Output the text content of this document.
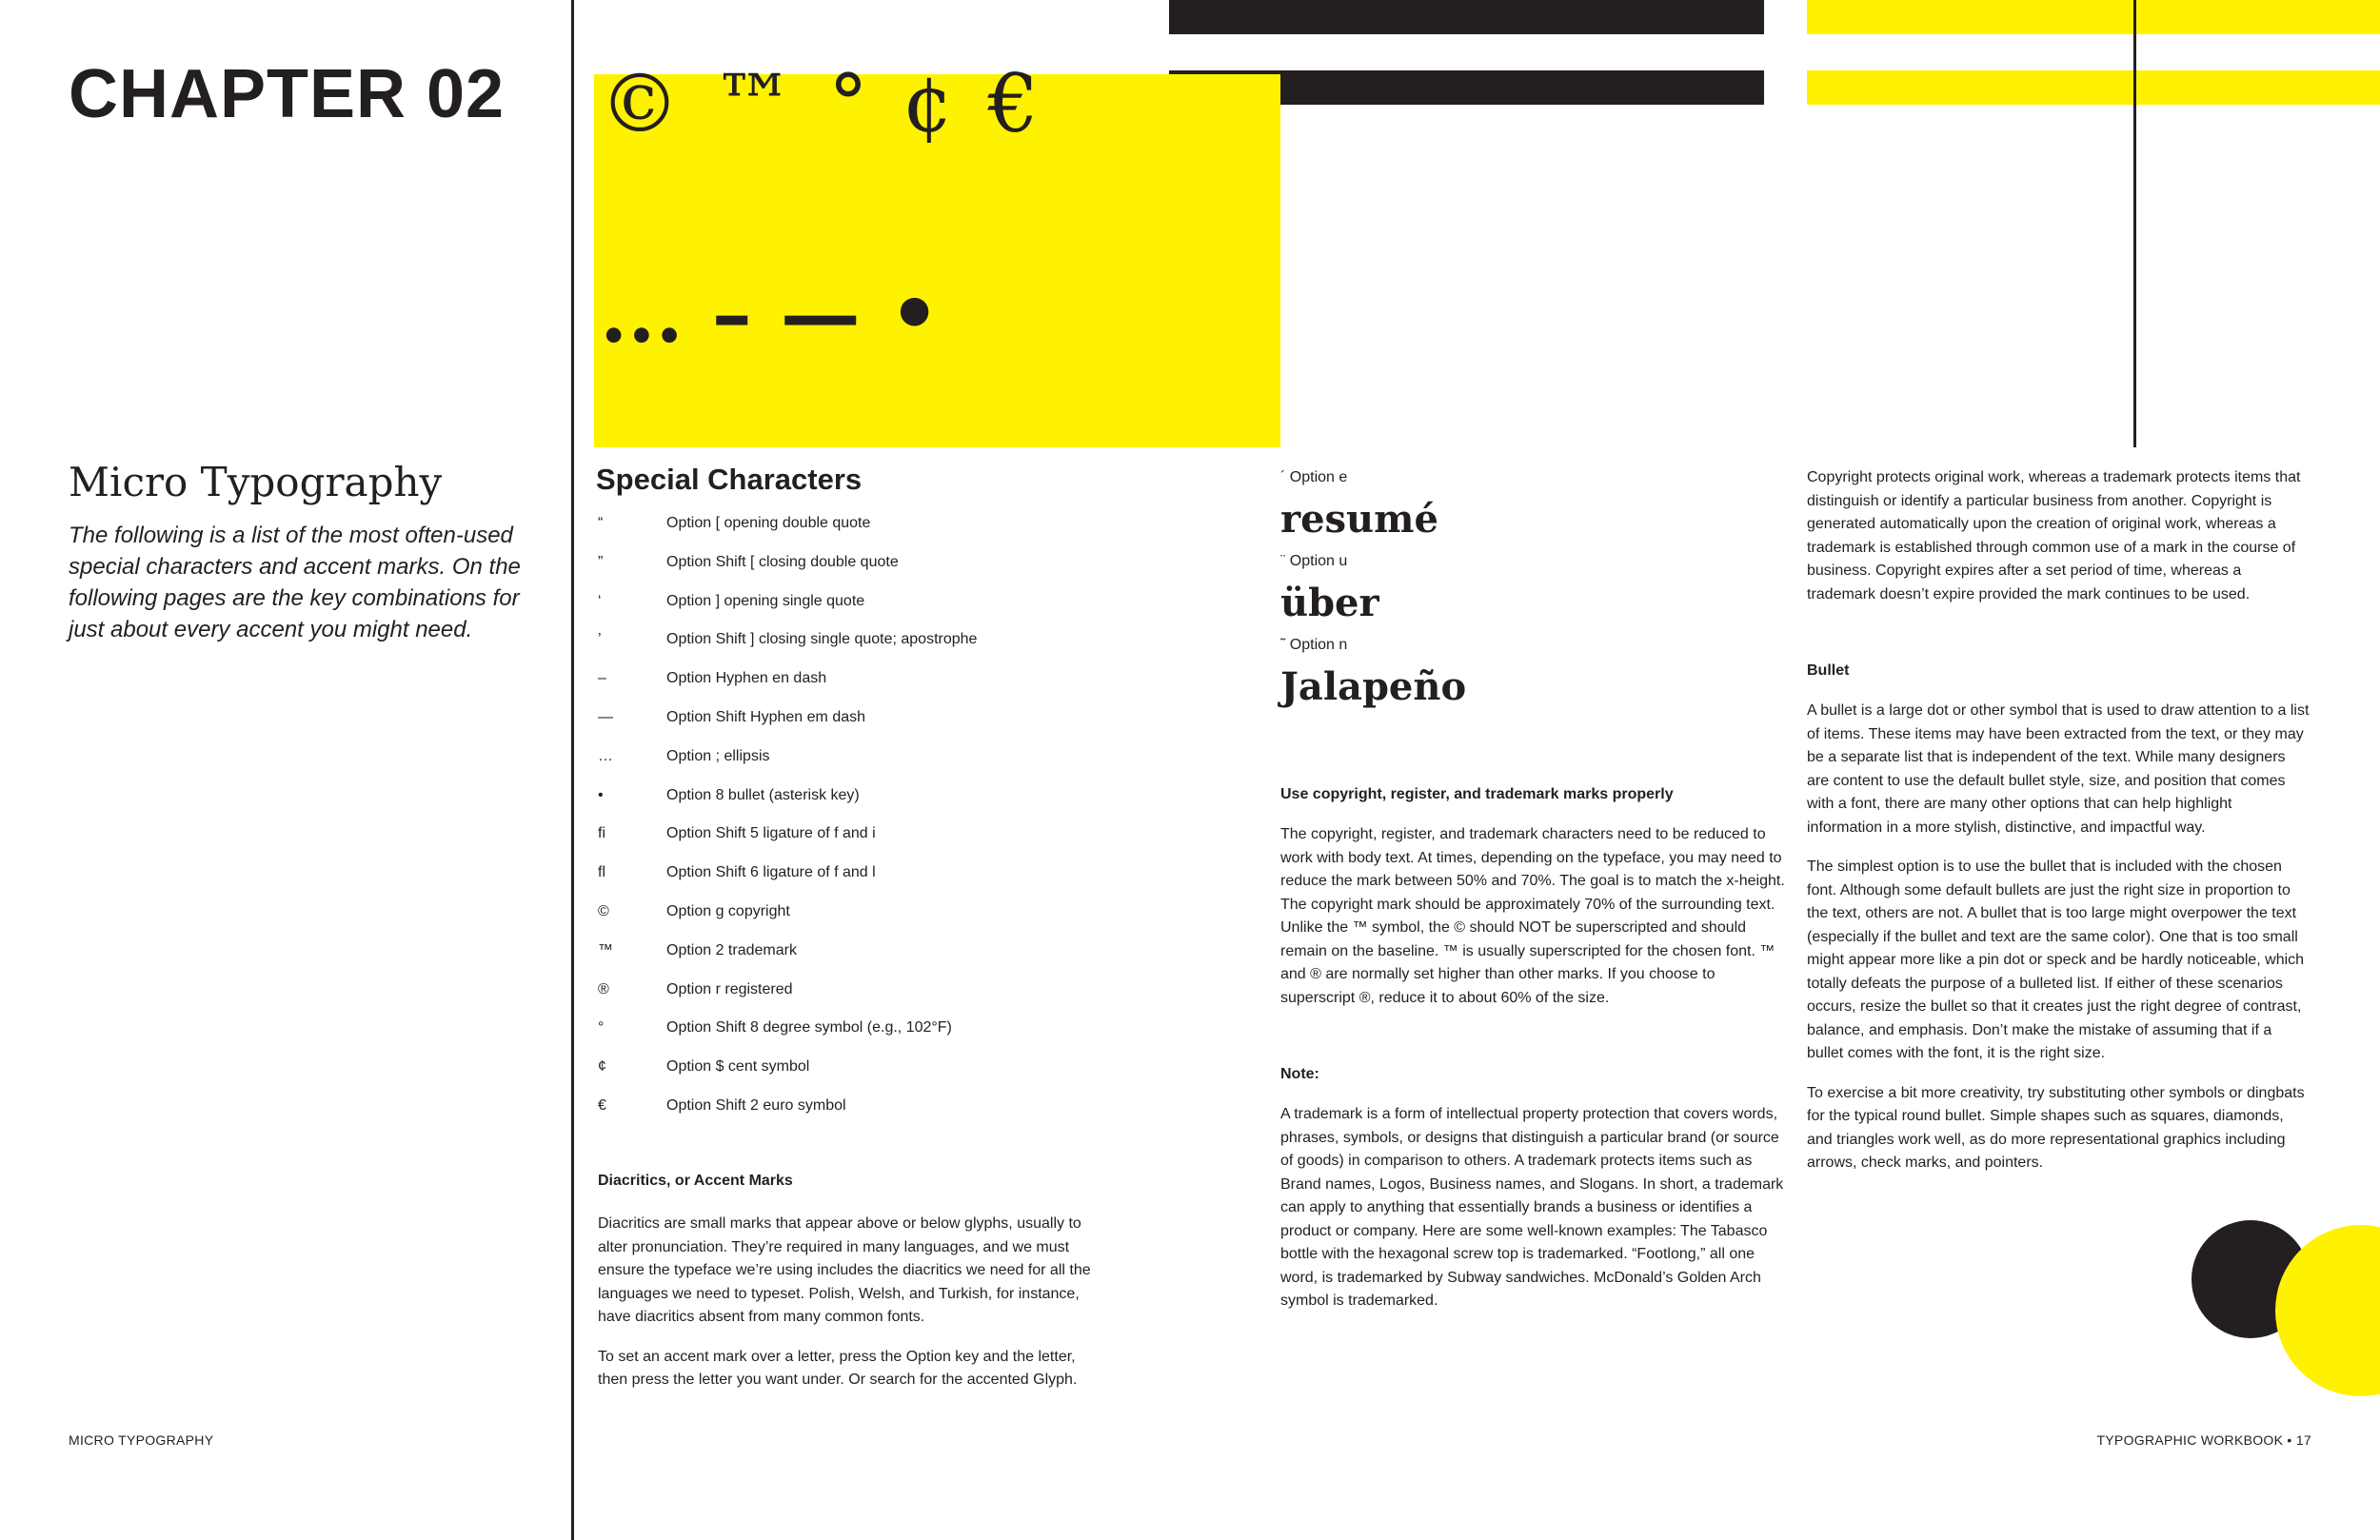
CHAPTER 02
Micro Typography
The following is a list of the most often-used special characters and accent marks. On the following pages are the key combinations for just about every accent you might need.
© ™ ° ¢ €
... – — •
Special Characters
“	Option [ opening double quote
”	Option Shift [ closing double quote
‘	Option ] opening single quote
’	Option Shift ] closing single quote; apostrophe
–	Option Hyphen en dash
—	Option Shift Hyphen em dash
…	Option ; ellipsis
•	Option 8 bullet (asterisk key)
fi	Option Shift 5 ligature of f and i
fl	Option Shift 6 ligature of f and l
©	Option g copyright
™	Option 2 trademark
®	Option r registered
°	Option Shift 8 degree symbol (e.g., 102°F)
¢	Option $ cent symbol
€	Option Shift 2 euro symbol
Diacritics, or Accent Marks

Diacritics are small marks that appear above or below glyphs, usually to alter pronunciation. They’re required in many languages, and we must ensure the typeface we’re using includes the diacritics we need for all the languages we need to typeset. Polish, Welsh, and Turkish, for instance, have diacritics absent from many common fonts.

To set an accent mark over a letter, press the Option key and the letter, then press the letter you want under. Or search for the accented Glyph.

´ Option e
resumé
¨ Option u
über
˜ Option n
Jalapeño
Use copyright, register, and trademark marks properly
The copyright, register, and trademark characters need to be reduced to work with body text. At times, depending on the typeface, you may need to reduce the mark between 50% and 70%. The goal is to match the x-height. The copyright mark should be approximately 70% of the surrounding text. Unlike the ™ symbol, the © should NOT be superscripted and should remain on the baseline. ™ is usually superscripted for the chosen font. ™ and ® are normally set higher than other marks. If you choose to superscript ®, reduce it to about 60% of the size.
Note:
A trademark is a form of intellectual property protection that covers words, phrases, symbols, or designs that distinguish a particular brand (or source of goods) in comparison to others. A trademark protects items such as Brand names, Logos, Business names, and Slogans. In short, a trademark can apply to anything that essentially brands a business or identifies a product or company. Here are some well-known examples: The Tabasco bottle with the hexagonal screw top is trademarked. “Footlong,” all one word, is trademarked by Subway sandwiches. McDonald’s Golden Arch symbol is trademarked.
Copyright protects original work, whereas a trademark protects items that distinguish or identify a particular business from another. Copyright is generated automatically upon the creation of original work, whereas a trademark is established through common use of a mark in the course of business. Copyright expires after a set period of time, whereas a trademark doesn’t expire provided the mark continues to be used.
Bullet

A bullet is a large dot or other symbol that is used to draw attention to a list of items. These items may have been extracted from the text, or they may be a separate list that is independent of the text. While many designers are content to use the default bullet style, size, and position that comes with a font, there are many other options that can help highlight information in a more stylish, distinctive, and impactful way.

The simplest option is to use the bullet that is included with the chosen font. Although some default bullets are just the right size in proportion to the text, others are not. A bullet that is too large might overpower the text (especially if the bullet and text are the same color). One that is too small might appear more like a pin dot or speck and be hardly noticeable, which totally defeats the purpose of a bulleted list. If either of these scenarios occurs, resize the bullet so that it creates just the right degree of contrast, balance, and emphasis. Don’t make the mistake of assuming that if a bullet comes with the font, it is the right size.

To exercise a bit more creativity, try substituting other symbols or dingbats for the typical round bullet. Simple shapes such as squares, diamonds, and triangles work well, as do more representational graphics including arrows, check marks, and pointers.

MICRO TYPOGRAPHY	TYPOGRAPHIC WORKBOOK • 17
